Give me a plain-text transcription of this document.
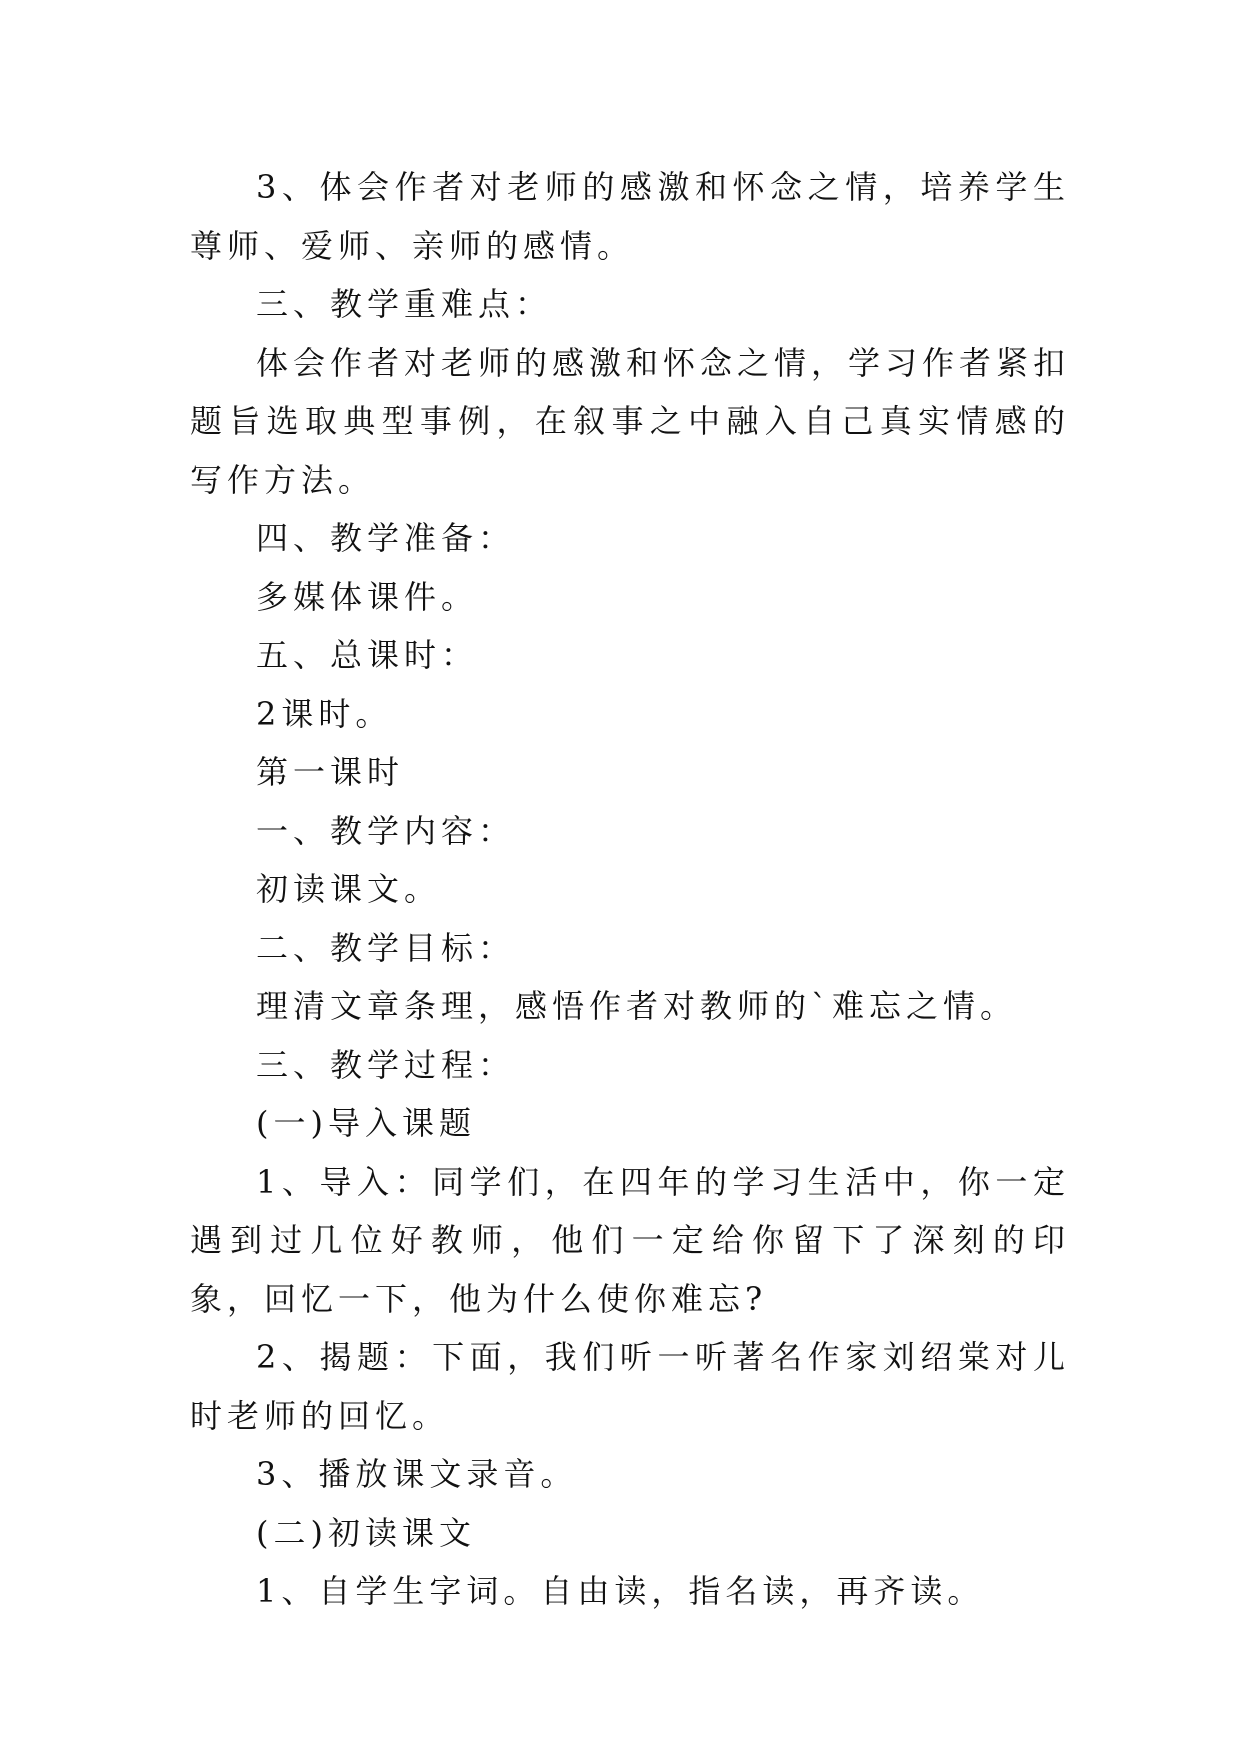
3、体会作者对老师的感激和怀念之情，培养学生尊师、爱师、亲师的感情。

三、教学重难点：

体会作者对老师的感激和怀念之情，学习作者紧扣题旨选取典型事例，在叙事之中融入自己真实情感的写作方法。

四、教学准备：

多媒体课件。

五、总课时：

2课时。

第一课时

一、教学内容：

初读课文。

二、教学目标：

理清文章条理，感悟作者对教师的`难忘之情。

三、教学过程：

(一)导入课题

1、导入：同学们，在四年的学习生活中，你一定遇到过几位好教师，他们一定给你留下了深刻的印象，回忆一下，他为什么使你难忘?

2、揭题：下面，我们听一听著名作家刘绍棠对儿时老师的回忆。

3、播放课文录音。

(二)初读课文

1、自学生字词。自由读，指名读，再齐读。
